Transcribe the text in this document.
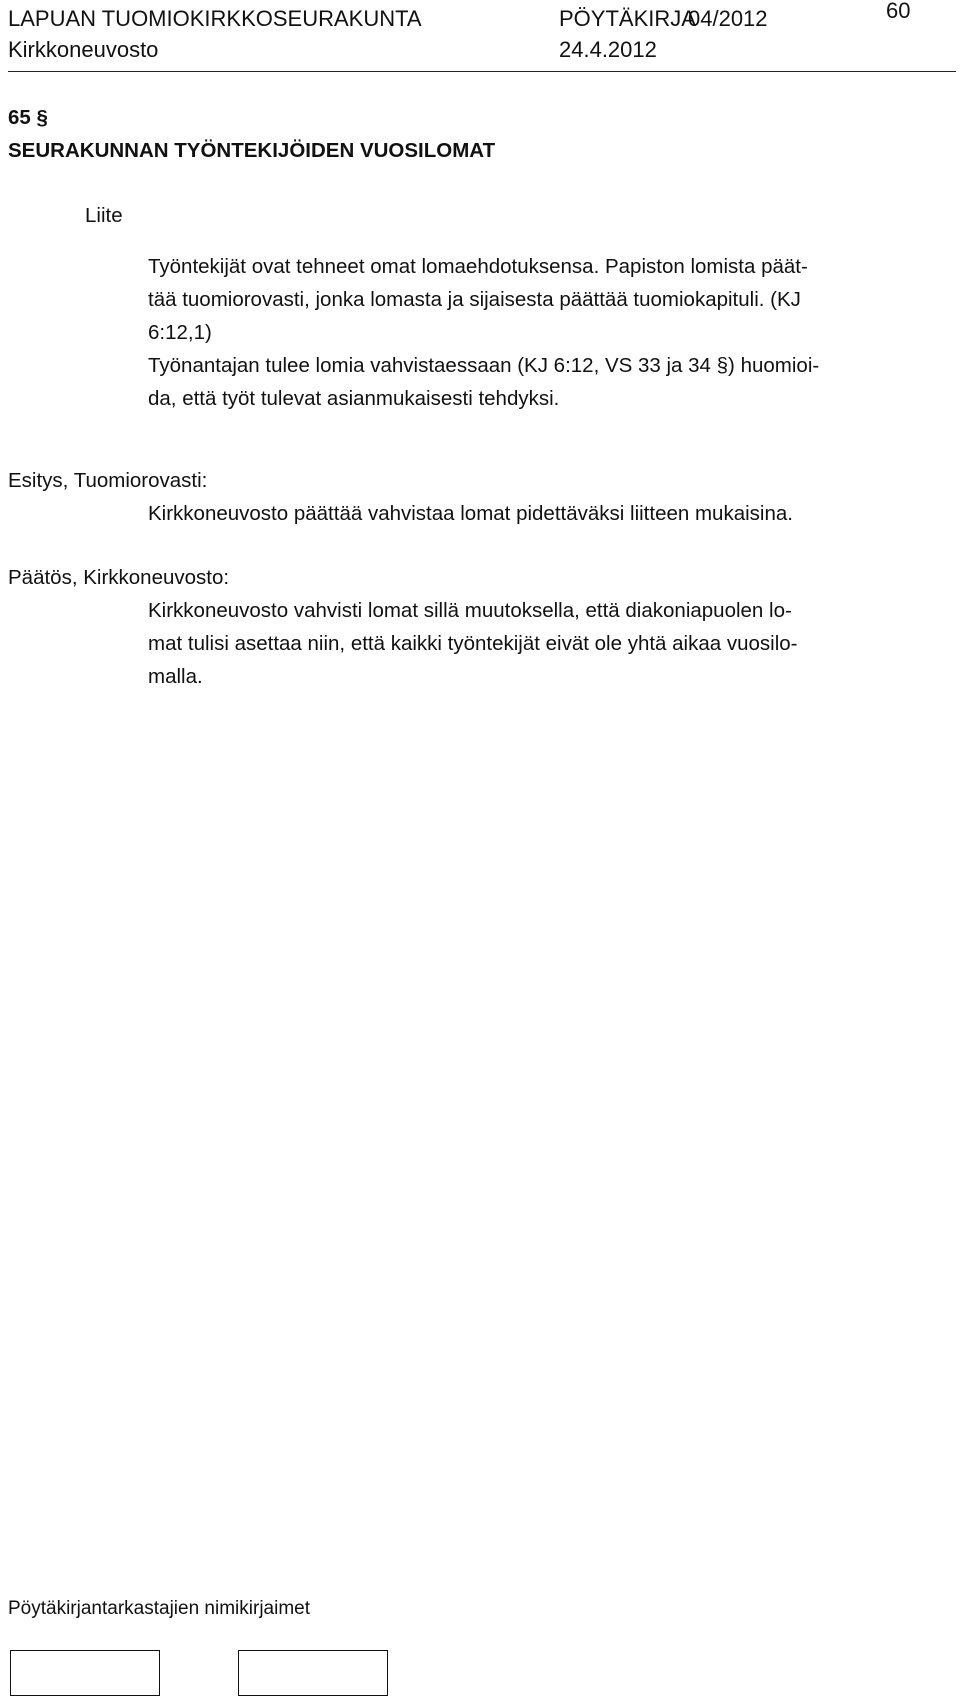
LAPUAN TUOMIOKIRKKOSEURAKUNTA	PÖYTÄKIRJA
04/2012	60
Kirkkoneuvosto	24.4.2012
65 §
SEURAKUNNAN TYÖNTEKIJÖIDEN VUOSILOMAT
Liite
Työntekijät ovat tehneet omat lomaehdotuksensa. Papiston lomista päät-
tää tuomiorovasti, jonka lomasta ja sijaisesta päättää tuomiokapituli. (KJ
6:12,1)
Työnantajan tulee lomia vahvistaessaan (KJ 6:12, VS 33 ja 34 §) huomioi-
da, että työt tulevat asianmukaisesti tehdyksi.
Esitys, Tuomiorovasti:
Kirkkoneuvosto päättää vahvistaa lomat pidettäväksi liitteen mukaisina.
Päätös, Kirkkoneuvosto:
Kirkkoneuvosto vahvisti lomat sillä muutoksella, että diakoniapuolen lo-
mat tulisi asettaa niin, että kaikki työntekijät eivät ole yhtä aikaa vuosilo-
malla.
Pöytäkirjantarkastajien nimikirjaimet
